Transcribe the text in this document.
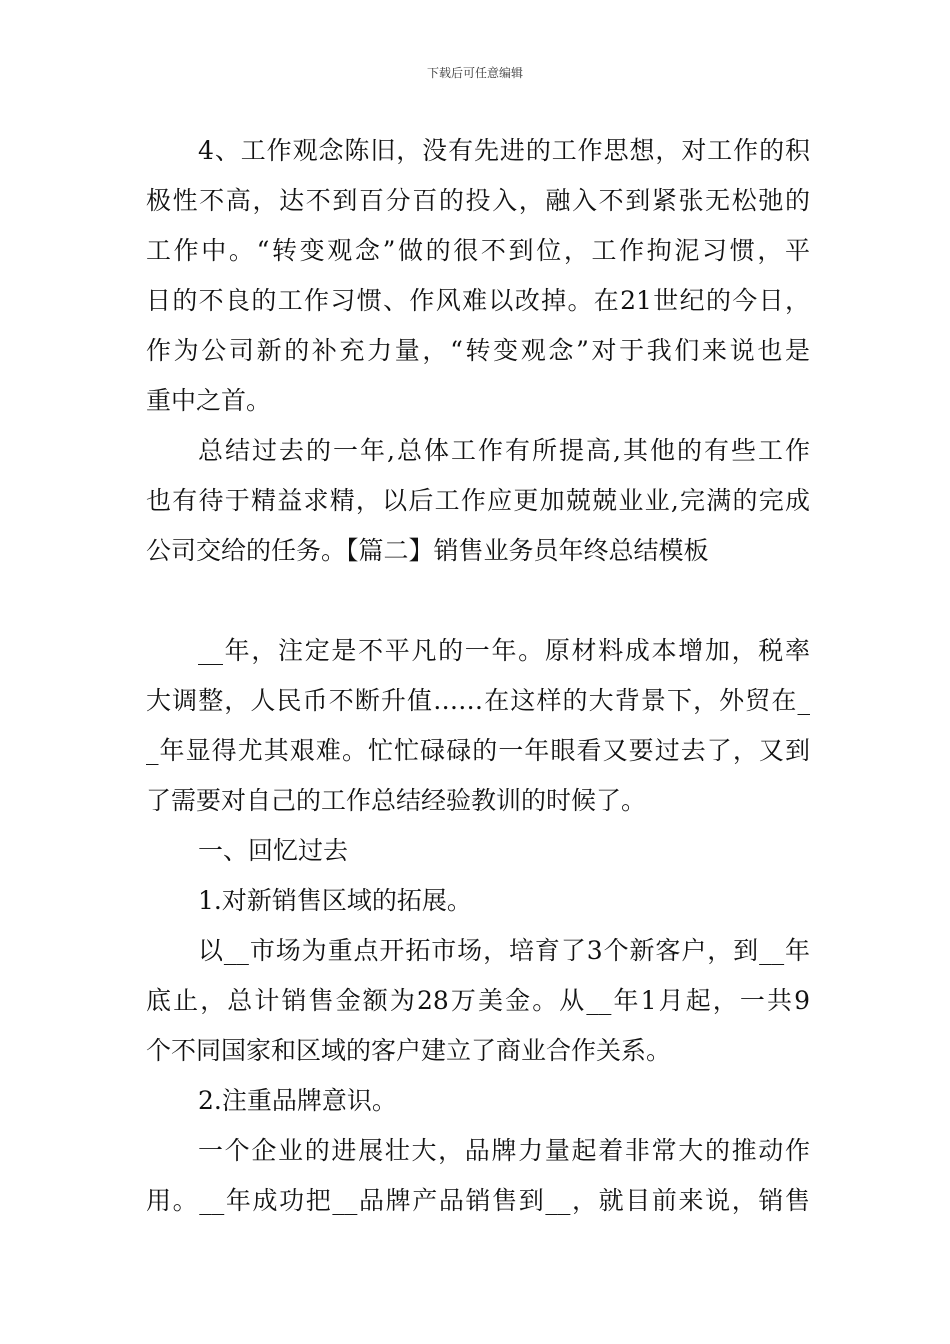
下载后可任意编辑
4、工作观念陈旧，没有先进的工作思想，对工作的积
极性不高，达不到百分百的投入，融入不到紧张无松弛的
工作中。“转变观念”做的很不到位，工作拘泥习惯，平
日的不良的工作习惯、作风难以改掉。在21世纪的今日，
作为公司新的补充力量，“转变观念”对于我们来说也是
重中之首。
总结过去的一年,总体工作有所提高,其他的有些工作
也有待于精益求精，以后工作应更加兢兢业业,完满的完成
公司交给的任务。【篇二】销售业务员年终总结模板
__年，注定是不平凡的一年。原材料成本增加，税率
大调整，人民币不断升值……在这样的大背景下，外贸在_
_年显得尤其艰难。忙忙碌碌的一年眼看又要过去了，又到
了需要对自己的工作总结经验教训的时候了。
一、回忆过去
1.对新销售区域的拓展。
以__市场为重点开拓市场，培育了3个新客户，到__年
底止，总计销售金额为28万美金。从__年1月起，一共9
个不同国家和区域的客户建立了商业合作关系。
2.注重品牌意识。
一个企业的进展壮大，品牌力量起着非常大的推动作
用。__年成功把__品牌产品销售到__，就目前来说，销售
